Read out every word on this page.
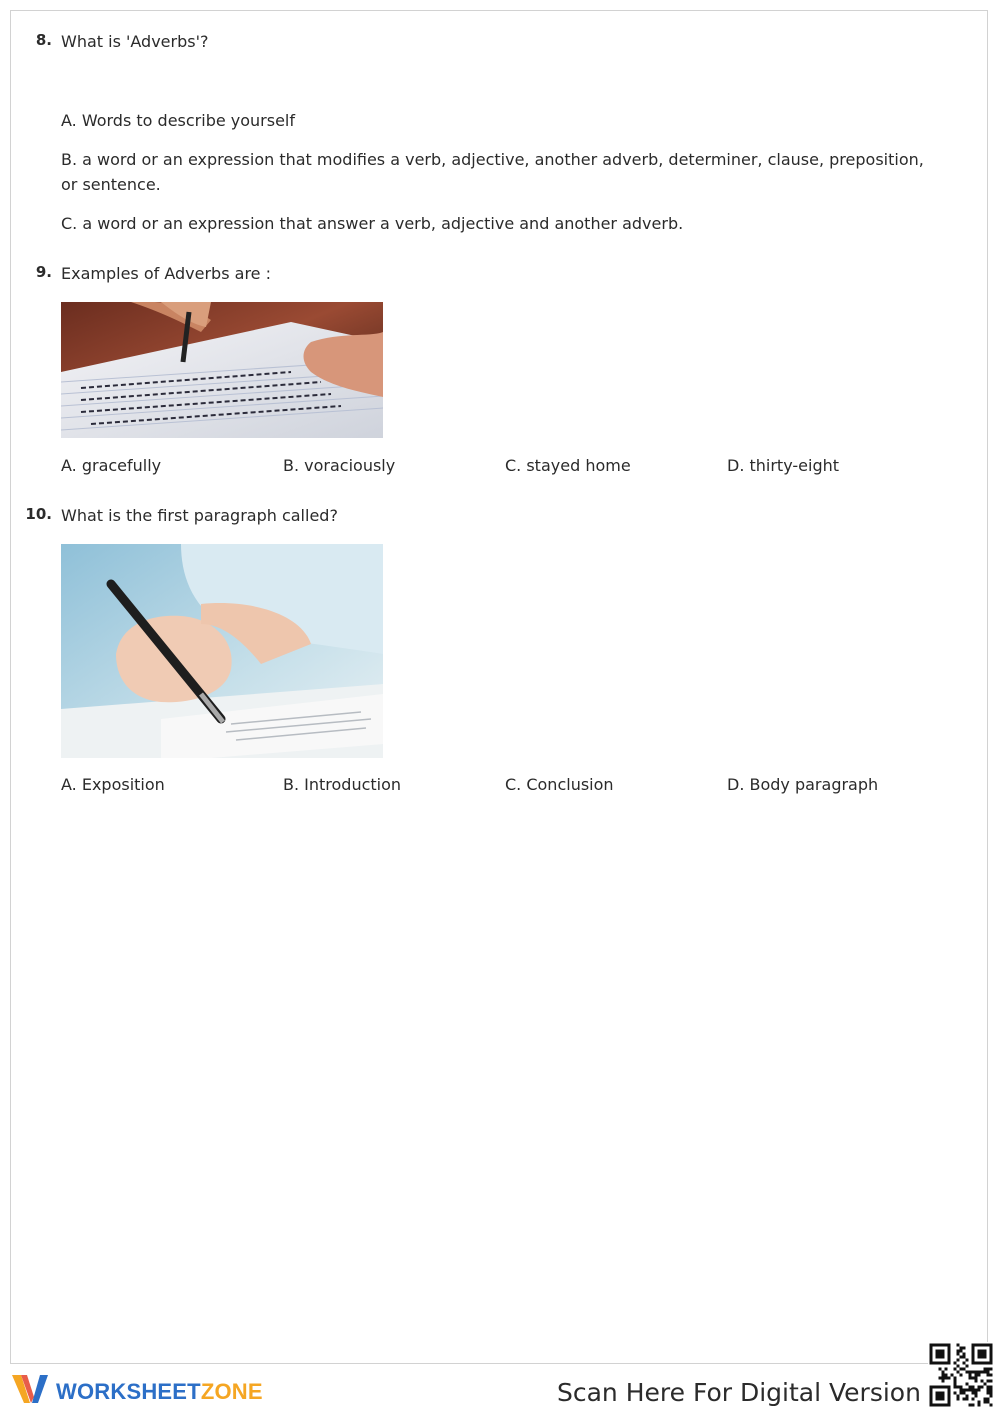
8. What is 'Adverbs'?
A. Words to describe yourself
B. a word or an expression that modifies a verb, adjective, another adverb, determiner, clause, preposition, or sentence.
C. a word or an expression that answer a verb, adjective and another adverb.
9. Examples of Adverbs are :
A. gracefully	B. voraciously	C. stayed home	D. thirty-eight
10. What is the first paragraph called?
A. Exposition	B. Introduction	C. Conclusion	D. Body paragraph
WORKSHEETZONE	Scan Here For Digital Version
